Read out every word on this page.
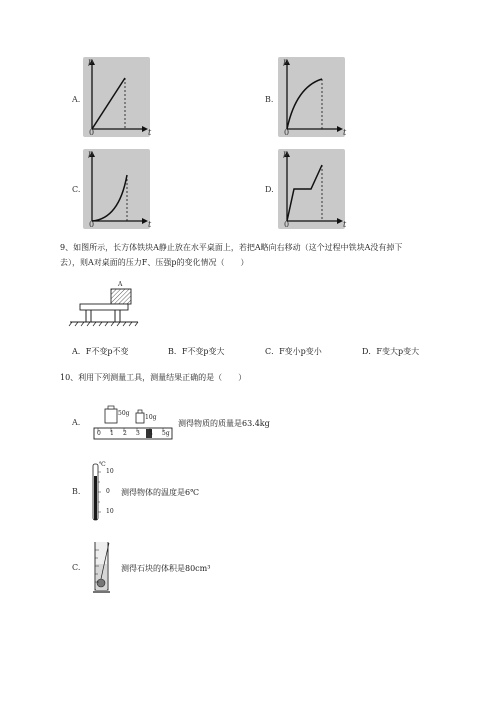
A.
p
0	t
B.
p
0	t
C.
p
0	t
D.
p
0	t
9、如图所示，长方体铁块A静止放在水平桌面上，若把A略向右移动（这个过程中铁块A没有掉下
去），则A对桌面的压力F、压强p的变化情况（　　）
A
A．F不变p不变	B．F不变p变大	C．F变小p变小	D．F变大p变大
10、利用下列测量工具，测量结果正确的是（　　）
A.
50g
10g
0 1 2 3 4 5g
测得物质的质量是63.4kg
B.
℃
10
0
10
测得物体的温度是6℃
C.	测得石块的体积是80cm³
